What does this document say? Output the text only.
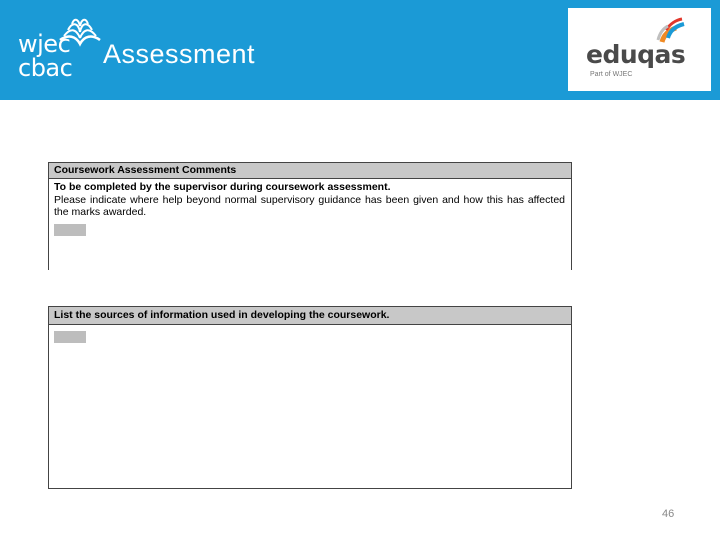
wjec
cbac Assessment	eduqas
Part of WJEC
Coursework Assessment Comments
To be completed by the supervisor during coursework assessment.
Please indicate where help beyond normal supervisory guidance has been given and how this has affected the marks awarded.
List the sources of information used in developing the coursework.
46
